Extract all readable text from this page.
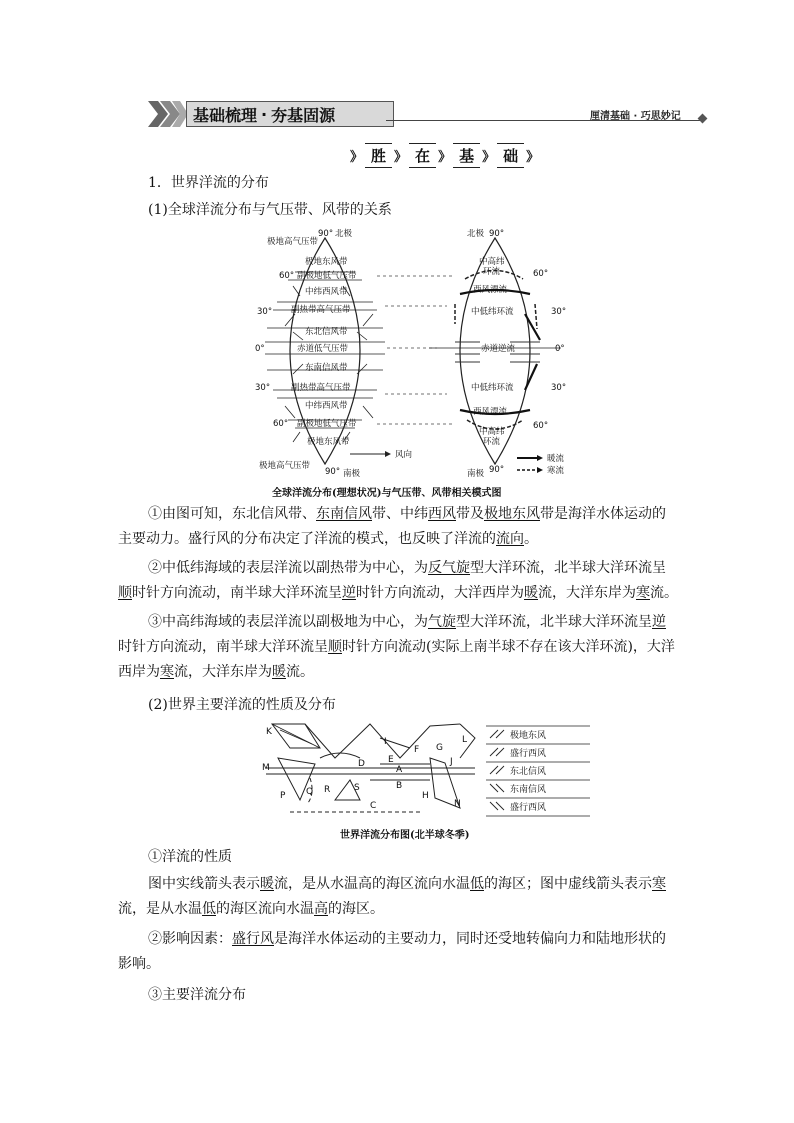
基础梳理 · 夯基固源	厘清基础 · 巧思妙记
》 胜 》 在 》 基 》 础 》
1．世界洋流的分布
(1)全球洋流分布与气压带、风带的关系
90° 北极
极地高气压带
极地东风带
60° 副极地低气压带
中纬西风带
30° 副热带高气压带
东北信风带
0°	赤道低气压带
东南信风带
30° 副热带高气压带
中纬西风带
60° 副极地低气压带
极地东风带
极地高气压带
90° 南极
风向
北极 90°
中高纬
环流	60°
西风漂流
30°
中低纬环流
0°
赤道逆流
中低纬环流	30°
西风漂流
中高纬
环流
60°
南极 90°
暖流
寒流
全球洋流分布(理想状况)与气压带、风带相关模式图
①由图可知，东北信风带、东南信风带、中纬西风带及极地东风带是海洋水体运动的主要动力。盛行风的分布决定了洋流的模式，也反映了洋流的流向。
②中低纬海域的表层洋流以副热带为中心，为反气旋型大洋环流，北半球大洋环流呈顺时针方向流动，南半球大洋环流呈逆时针方向流动，大洋西岸为暖流，大洋东岸为寒流。
③中高纬海域的表层洋流以副极地为中心，为气旋型大洋环流，北半球大洋环流呈逆时针方向流动，南半球大洋环流呈顺时针方向流动(实际上南半球不存在该大洋环流)，大洋西岸为寒流，大洋东岸为暖流。
(2)世界主要洋流的性质及分布
K
M
P Q R	S
I
D	E
A
B
F G
J
L
H
N
C
极地东风
盛行西风
东北信风
东南信风
盛行西风
世界洋流分布图(北半球冬季)
①洋流的性质
图中实线箭头表示暖流，是从水温高的海区流向水温低的海区；图中虚线箭头表示寒流，是从水温低的海区流向水温高的海区。
②影响因素：盛行风是海洋水体运动的主要动力，同时还受地转偏向力和陆地形状的影响。
③主要洋流分布
